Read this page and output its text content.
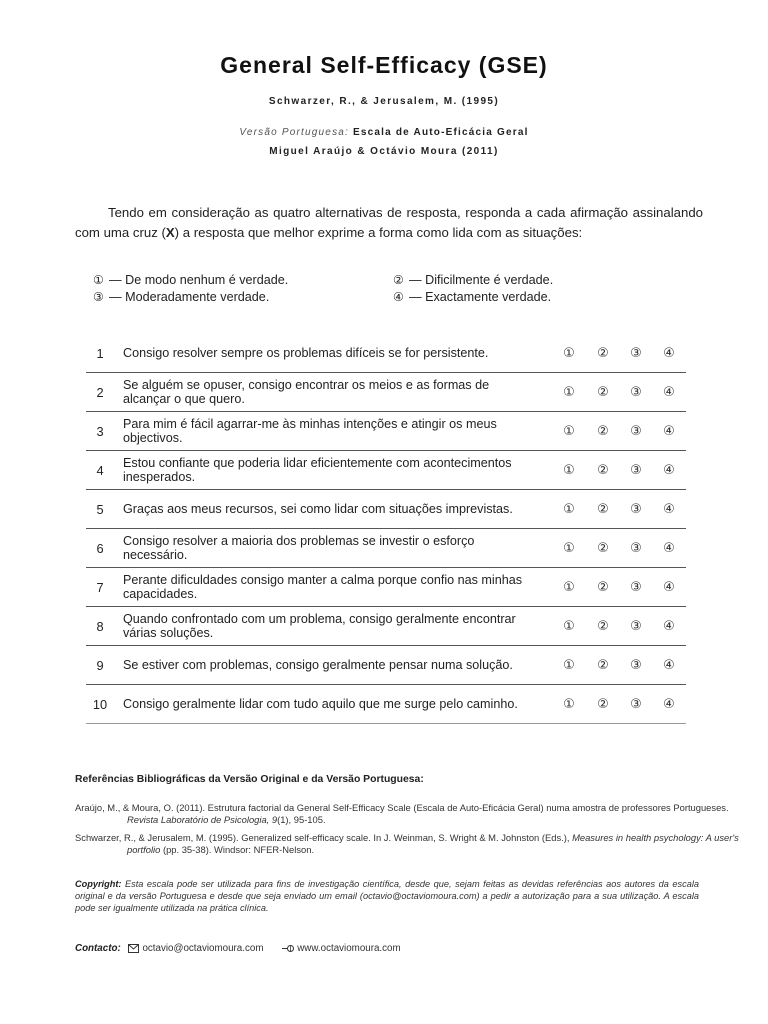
General Self-Efficacy (GSE)
Schwarzer, R., & Jerusalem, M. (1995)
Versão Portuguesa: Escala de Auto-Eficácia Geral
Miguel Araújo & Octávio Moura (2011)
Tendo em consideração as quatro alternativas de resposta, responda a cada afirmação assinalando com uma cruz (X) a resposta que melhor exprime a forma como lida com as situações:
① — De modo nenhum é verdade.	② — Dificilmente é verdade.
③ — Moderadamente verdade.	④ — Exactamente verdade.
1	Consigo resolver sempre os problemas difíceis se for persistente.	①	②	③	④
2	Se alguém se opuser, consigo encontrar os meios e as formas de alcançar o que quero.	①	②	③	④
3	Para mim é fácil agarrar-me às minhas intenções e atingir os meus objectivos.	①	②	③	④
4	Estou confiante que poderia lidar eficientemente com acontecimentos inesperados.	①	②	③	④
5	Graças aos meus recursos, sei como lidar com situações imprevistas.	①	②	③	④
6	Consigo resolver a maioria dos problemas se investir o esforço necessário.	①	②	③	④
7	Perante dificuldades consigo manter a calma porque confio nas minhas capacidades.	①	②	③	④
8	Quando confrontado com um problema, consigo geralmente encontrar várias soluções.	①	②	③	④
9	Se estiver com problemas, consigo geralmente pensar numa solução.	①	②	③	④
10	Consigo geralmente lidar com tudo aquilo que me surge pelo caminho.	①	②	③	④
Referências Bibliográficas da Versão Original e da Versão Portuguesa:
Araújo, M., & Moura, O. (2011). Estrutura factorial da General Self-Efficacy Scale (Escala de Auto-Eficácia Geral) numa amostra de professores Portugueses. Revista Laboratório de Psicologia, 9(1), 95-105.
Schwarzer, R., & Jerusalem, M. (1995). Generalized self-efficacy scale. In J. Weinman, S. Wright & M. Johnston (Eds.), Measures in health psychology: A user's portfolio (pp. 35-38). Windsor: NFER-Nelson.
Copyright: Esta escala pode ser utilizada para fins de investigação científica, desde que, sejam feitas as devidas referências aos autores da escala original e da versão Portuguesa e desde que seja enviado um email (octavio@octaviomoura.com) a pedir a autorização para a sua utilização. A escala pode ser igualmente utilizada na prática clínica.
Contacto: octavio@octaviomoura.com	www.octaviomoura.com
